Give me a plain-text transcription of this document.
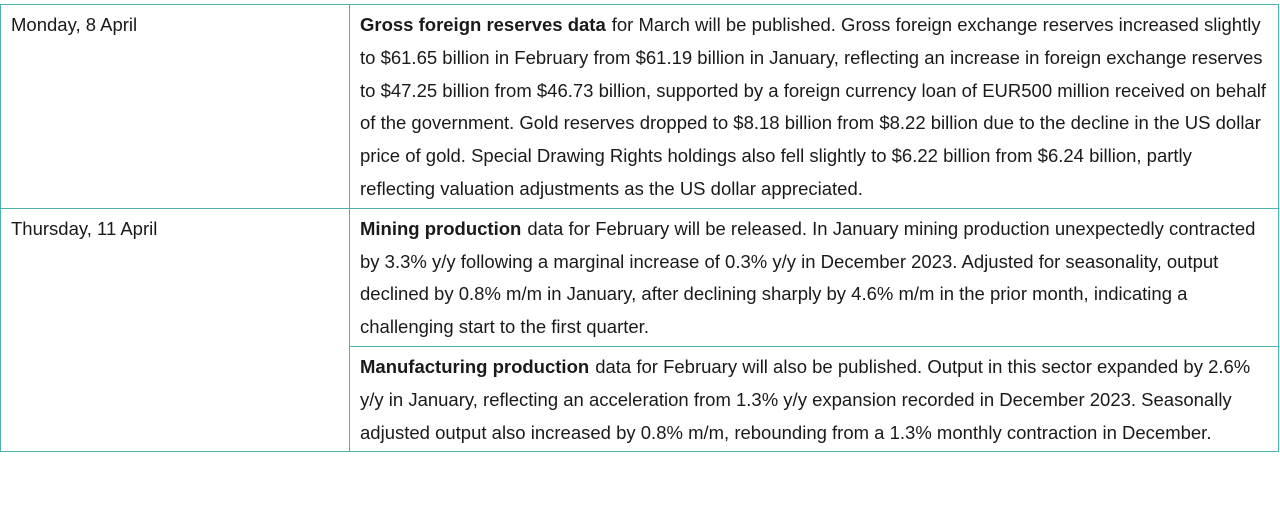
Monday, 8 April	Gross foreign reserves data for March will be published. Gross foreign exchange reserves increased slightly to $61.65 billion in February from $61.19 billion in January, reflecting an increase in foreign exchange reserves to $47.25 billion from $46.73 billion, supported by a foreign currency loan of EUR500 million received on behalf of the government. Gold reserves dropped to $8.18 billion from $8.22 billion due to the decline in the US dollar price of gold. Special Drawing Rights holdings also fell slightly to $6.22 billion from $6.24 billion, partly reflecting valuation adjustments as the US dollar appreciated.
Thursday, 11 April	Mining production data for February will be released. In January mining production unexpectedly contracted by 3.3% y/y following a marginal increase of 0.3% y/y in December 2023. Adjusted for seasonality, output declined by 0.8% m/m in January, after declining sharply by 4.6% m/m in the prior month, indicating a challenging start to the first quarter.
	Manufacturing production data for February will also be published. Output in this sector expanded by 2.6% y/y in January, reflecting an acceleration from 1.3% y/y expansion recorded in December 2023. Seasonally adjusted output also increased by 0.8% m/m, rebounding from a 1.3% monthly contraction in December.
